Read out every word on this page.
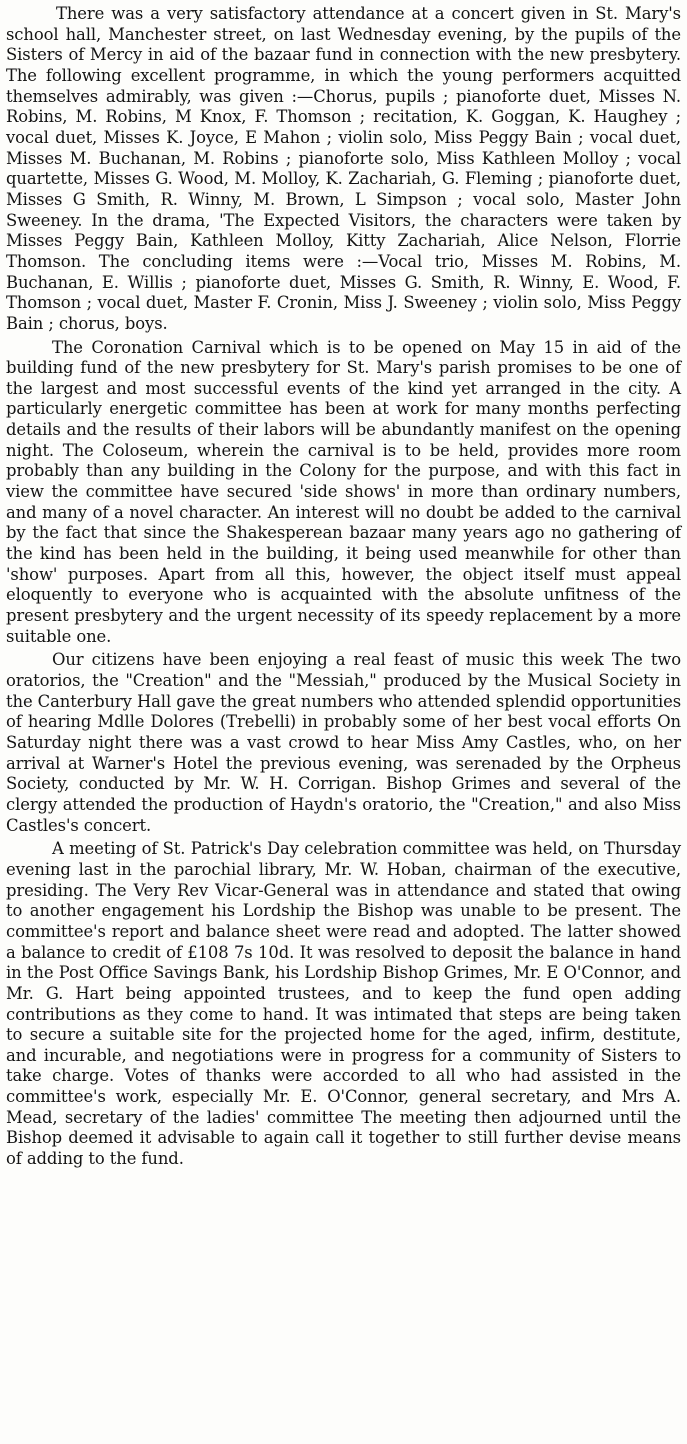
There was a very satisfactory attendance at a concert given in St. Mary's school hall, Manchester street, on last Wednesday evening, by the pupils of the Sisters of Mercy in aid of the bazaar fund in connection with the new presbytery. The following excellent programme, in which the young performers acquitted themselves admirably, was given :—Chorus, pupils ; pianoforte duet, Misses N. Robins, M. Robins, M Knox, F. Thomson ; recitation, K. Goggan, K. Haughey ; vocal duet, Misses K. Joyce, E Mahon ; violin solo, Miss Peggy Bain ; vocal duet, Misses M. Buchanan, M. Robins ; pianoforte solo, Miss Kathleen Molloy ; vocal quartette, Misses G. Wood, M. Molloy, K. Zachariah, G. Fleming ; pianoforte duet, Misses G Smith, R. Winny, M. Brown, L Simpson ; vocal solo, Master John Sweeney. In the drama, 'The Expected Visitors, the characters were taken by Misses Peggy Bain, Kathleen Molloy, Kitty Zachariah, Alice Nelson, Florrie Thomson. The concluding items were :—Vocal trio, Misses M. Robins, M. Buchanan, E. Willis ; pianoforte duet, Misses G. Smith, R. Winny, E. Wood, F. Thomson ; vocal duet, Master F. Cronin, Miss J. Sweeney ; violin solo, Miss Peggy Bain ; chorus, boys.

The Coronation Carnival which is to be opened on May 15 in aid of the building fund of the new presbytery for St. Mary's parish promises to be one of the largest and most successful events of the kind yet arranged in the city. A particularly energetic committee has been at work for many months perfecting details and the results of their labors will be abundantly manifest on the opening night. The Coloseum, wherein the carnival is to be held, provides more room probably than any building in the Colony for the purpose, and with this fact in view the committee have secured 'side shows' in more than ordinary numbers, and many of a novel character. An interest will no doubt be added to the carnival by the fact that since the Shakesperean bazaar many years ago no gathering of the kind has been held in the building, it being used meanwhile for other than 'show' purposes. Apart from all this, however, the object itself must appeal eloquently to everyone who is acquainted with the absolute unfitness of the present presbytery and the urgent necessity of its speedy replacement by a more suitable one.

Our citizens have been enjoying a real feast of music this week The two oratorios, the "Creation" and the "Messiah," produced by the Musical Society in the Canterbury Hall gave the great numbers who attended splendid opportunities of hearing Mdlle Dolores (Trebelli) in probably some of her best vocal efforts On Saturday night there was a vast crowd to hear Miss Amy Castles, who, on her arrival at Warner's Hotel the previous evening, was serenaded by the Orpheus Society, conducted by Mr. W. H. Corrigan. Bishop Grimes and several of the clergy attended the production of Haydn's oratorio, the "Creation," and also Miss Castles's concert.

A meeting of St. Patrick's Day celebration committee was held, on Thursday evening last in the parochial library, Mr. W. Hoban, chairman of the executive, presiding. The Very Rev Vicar-General was in attendance and stated that owing to another engagement his Lordship the Bishop was unable to be present. The committee's report and balance sheet were read and adopted. The latter showed a balance to credit of £108 7s 10d. It was resolved to deposit the balance in hand in the Post Office Savings Bank, his Lordship Bishop Grimes, Mr. E O'Connor, and Mr. G. Hart being appointed trustees, and to keep the fund open adding contributions as they come to hand. It was intimated that steps are being taken to secure a suitable site for the projected home for the aged, infirm, destitute, and incurable, and negotiations were in progress for a community of Sisters to take charge. Votes of thanks were accorded to all who had assisted in the committee's work, especially Mr. E. O'Connor, general secretary, and Mrs A. Mead, secretary of the ladies' committee The meeting then adjourned until the Bishop deemed it advisable to again call it together to still further devise means of adding to the fund.
